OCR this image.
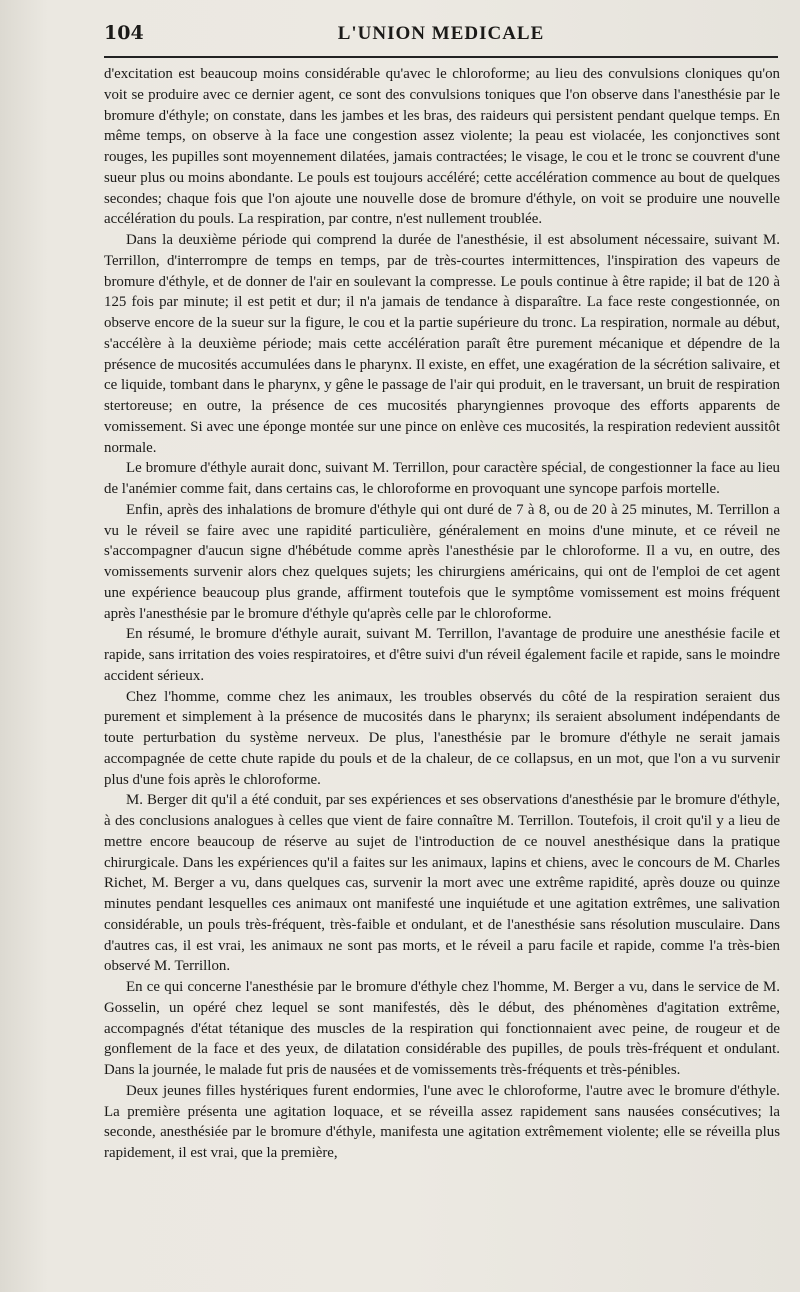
104	L'UNION MEDICALE

d'excitation est beaucoup moins considérable qu'avec le chloroforme; au lieu des convulsions cloniques qu'on voit se produire avec ce dernier agent, ce sont des convulsions toniques que l'on observe dans l'anesthésie par le bromure d'éthyle; on constate, dans les jambes et les bras, des raideurs qui persistent pendant quelque temps. En même temps, on observe à la face une congestion assez violente; la peau est violacée, les conjonctives sont rouges, les pupilles sont moyennement dilatées, jamais contractées; le visage, le cou et le tronc se couvrent d'une sueur plus ou moins abondante. Le pouls est toujours accéléré; cette accélération commence au bout de quelques secondes; chaque fois que l'on ajoute une nouvelle dose de bromure d'éthyle, on voit se produire une nouvelle accélération du pouls. La respiration, par contre, n'est nullement troublée.

Dans la deuxième période qui comprend la durée de l'anesthésie, il est absolument nécessaire, suivant M. Terrillon, d'interrompre de temps en temps, par de très-courtes intermittences, l'inspiration des vapeurs de bromure d'éthyle, et de donner de l'air en soulevant la compresse. Le pouls continue à être rapide; il bat de 120 à 125 fois par minute; il est petit et dur; il n'a jamais de tendance à disparaître. La face reste congestionnée, on observe encore de la sueur sur la figure, le cou et la partie supérieure du tronc. La respiration, normale au début, s'accélère à la deuxième période; mais cette accélération paraît être purement mécanique et dépendre de la présence de mucosités accumulées dans le pharynx. Il existe, en effet, une exagération de la sécrétion salivaire, et ce liquide, tombant dans le pharynx, y gêne le passage de l'air qui produit, en le traversant, un bruit de respiration stertoreuse; en outre, la présence de ces mucosités pharyngiennes provoque des efforts apparents de vomissement. Si avec une éponge montée sur une pince on enlève ces mucosités, la respiration redevient aussitôt normale.

Le bromure d'éthyle aurait donc, suivant M. Terrillon, pour caractère spécial, de congestionner la face au lieu de l'anémier comme fait, dans certains cas, le chloroforme en provoquant une syncope parfois mortelle.

Enfin, après des inhalations de bromure d'éthyle qui ont duré de 7 à 8, ou de 20 à 25 minutes, M. Terrillon a vu le réveil se faire avec une rapidité particulière, généralement en moins d'une minute, et ce réveil ne s'accompagner d'aucun signe d'hébétude comme après l'anesthésie par le chloroforme. Il a vu, en outre, des vomissements survenir alors chez quelques sujets; les chirurgiens américains, qui ont de l'emploi de cet agent une expérience beaucoup plus grande, affirment toutefois que le symptôme vomissement est moins fréquent après l'anesthésie par le bromure d'éthyle qu'après celle par le chloroforme.

En résumé, le bromure d'éthyle aurait, suivant M. Terrillon, l'avantage de produire une anesthésie facile et rapide, sans irritation des voies respiratoires, et d'être suivi d'un réveil également facile et rapide, sans le moindre accident sérieux.

Chez l'homme, comme chez les animaux, les troubles observés du côté de la respiration seraient dus purement et simplement à la présence de mucosités dans le pharynx; ils seraient absolument indépendants de toute perturbation du système nerveux. De plus, l'anesthésie par le bromure d'éthyle ne serait jamais accompagnée de cette chute rapide du pouls et de la chaleur, de ce collapsus, en un mot, que l'on a vu survenir plus d'une fois après le chloroforme.

M. Berger dit qu'il a été conduit, par ses expériences et ses observations d'anesthésie par le bromure d'éthyle, à des conclusions analogues à celles que vient de faire connaître M. Terrillon. Toutefois, il croit qu'il y a lieu de mettre encore beaucoup de réserve au sujet de l'introduction de ce nouvel anesthésique dans la pratique chirurgicale. Dans les expériences qu'il a faites sur les animaux, lapins et chiens, avec le concours de M. Charles Richet, M. Berger a vu, dans quelques cas, survenir la mort avec une extrême rapidité, après douze ou quinze minutes pendant lesquelles ces animaux ont manifesté une inquiétude et une agitation extrêmes, une salivation considérable, un pouls très-fréquent, très-faible et ondulant, et de l'anesthésie sans résolution musculaire. Dans d'autres cas, il est vrai, les animaux ne sont pas morts, et le réveil a paru facile et rapide, comme l'a très-bien observé M. Terrillon.

En ce qui concerne l'anesthésie par le bromure d'éthyle chez l'homme, M. Berger a vu, dans le service de M. Gosselin, un opéré chez lequel se sont manifestés, dès le début, des phénomènes d'agitation extrême, accompagnés d'état tétanique des muscles de la respiration qui fonctionnaient avec peine, de rougeur et de gonflement de la face et des yeux, de dilatation considérable des pupilles, de pouls très-fréquent et ondulant. Dans la journée, le malade fut pris de nausées et de vomissements très-fréquents et très-pénibles.

Deux jeunes filles hystériques furent endormies, l'une avec le chloroforme, l'autre avec le bromure d'éthyle. La première présenta une agitation loquace, et se réveilla assez rapidement sans nausées consécutives; la seconde, anesthésiée par le bromure d'éthyle, manifesta une agitation extrêmement violente; elle se réveilla plus rapidement, il est vrai, que la première,
